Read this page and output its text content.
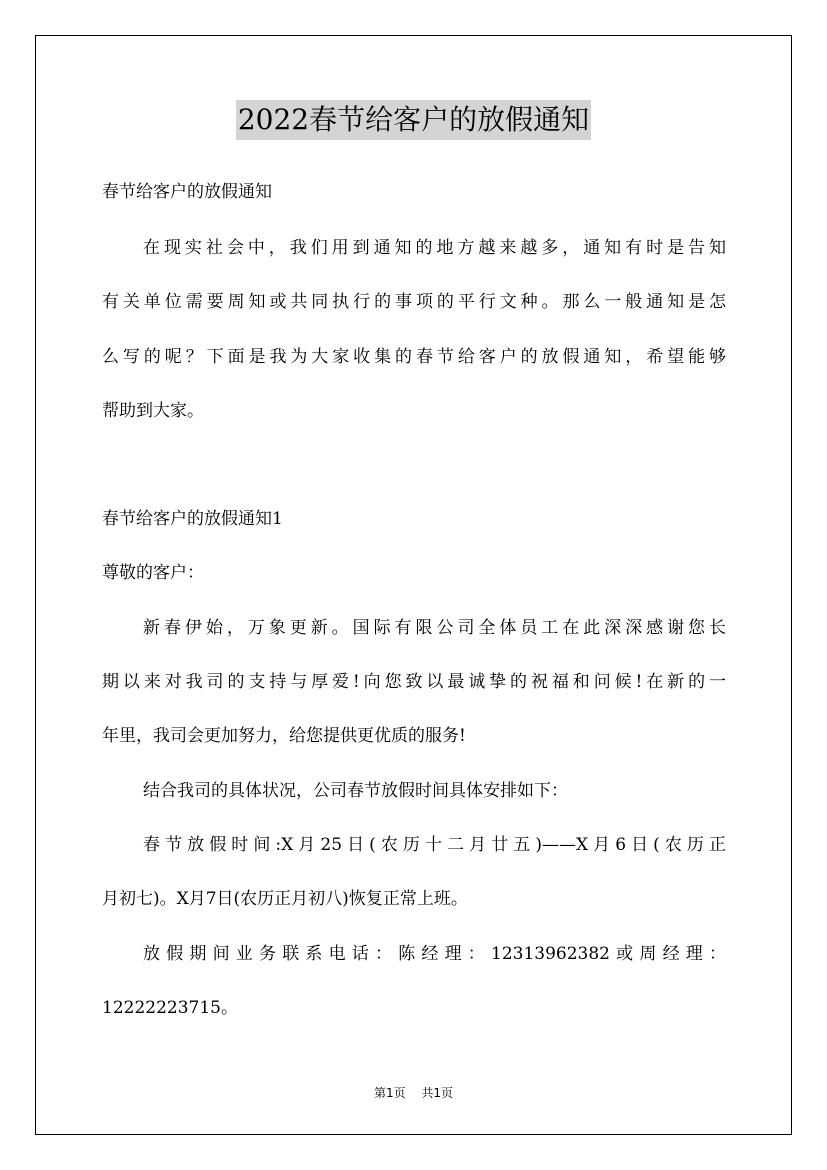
2022春节给客户的放假通知
春节给客户的放假通知
在现实社会中，我们用到通知的地方越来越多，通知有时是告知
有关单位需要周知或共同执行的事项的平行文种。那么一般通知是怎
么写的呢？下面是我为大家收集的春节给客户的放假通知，希望能够
帮助到大家。
春节给客户的放假通知1
尊敬的客户：
新春伊始，万象更新。国际有限公司全体员工在此深深感谢您长
期以来对我司的支持与厚爱!向您致以最诚挚的祝福和问候!在新的一
年里，我司会更加努力，给您提供更优质的服务!
结合我司的具体状况，公司春节放假时间具体安排如下：
春节放假时间:X月25日(农历十二月廿五)——X月6日(农历正
月初七)。X月7日(农历正月初八)恢复正常上班。
放假期间业务联系电话：陈经理：12313962382或周经理：
12222223715。
第1页 共1页
